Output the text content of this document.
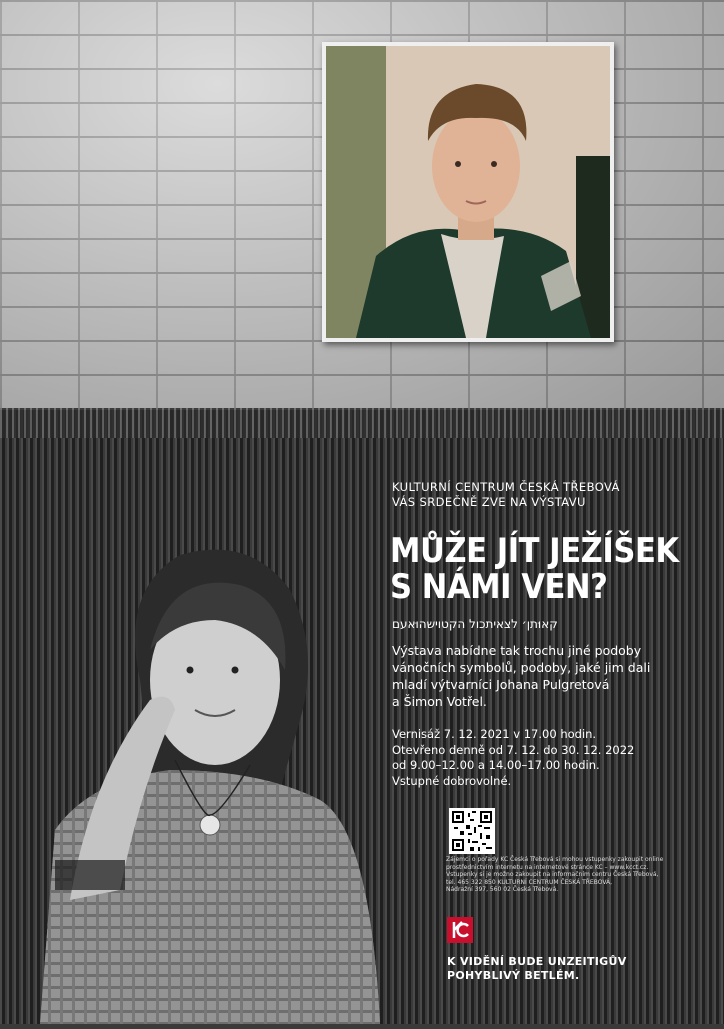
KULTURNÍ CENTRUM ČESKÁ TŘEBOVÁ
VÁS SRDEČNĚ ZVE NA VÝSTAVU
MŮŽE JÍT JEŽÍŠEK
S NÁMI VEN?
קאוּתן׳ לצאיתכול הקטוישהוּאעם
Výstava nabídne tak trochu jiné podoby
vánočních symbolů, podoby, jaké jim dali
mladí výtvarníci Johana Pulgretová
a Šimon Votřel.
Vernisáž 7. 12. 2021 v 17.00 hodin.
Otevřeno denně od 7. 12. do 30. 12. 2022
od 9.00–12.00 a 14.00–17.00 hodin.
Vstupné dobrovolné.
Zájemci o pořady KC Česká Třebová si mohou vstupenky zakoupit online
prostřednictvím internetu na internetové stránce KC – www.kcct.cz.
Vstupenky si je možno zakoupit na informačním centru Česká Třebová,
tel. 465 322 850 KULTURNÍ CENTRUM ČESKÁ TŘEBOVÁ,
Nádražní 397, 560 02 Česká Třebová.
K VIDĚNÍ BUDE UNZEITIGŮV
POHYBLIVÝ BETLÉM.
